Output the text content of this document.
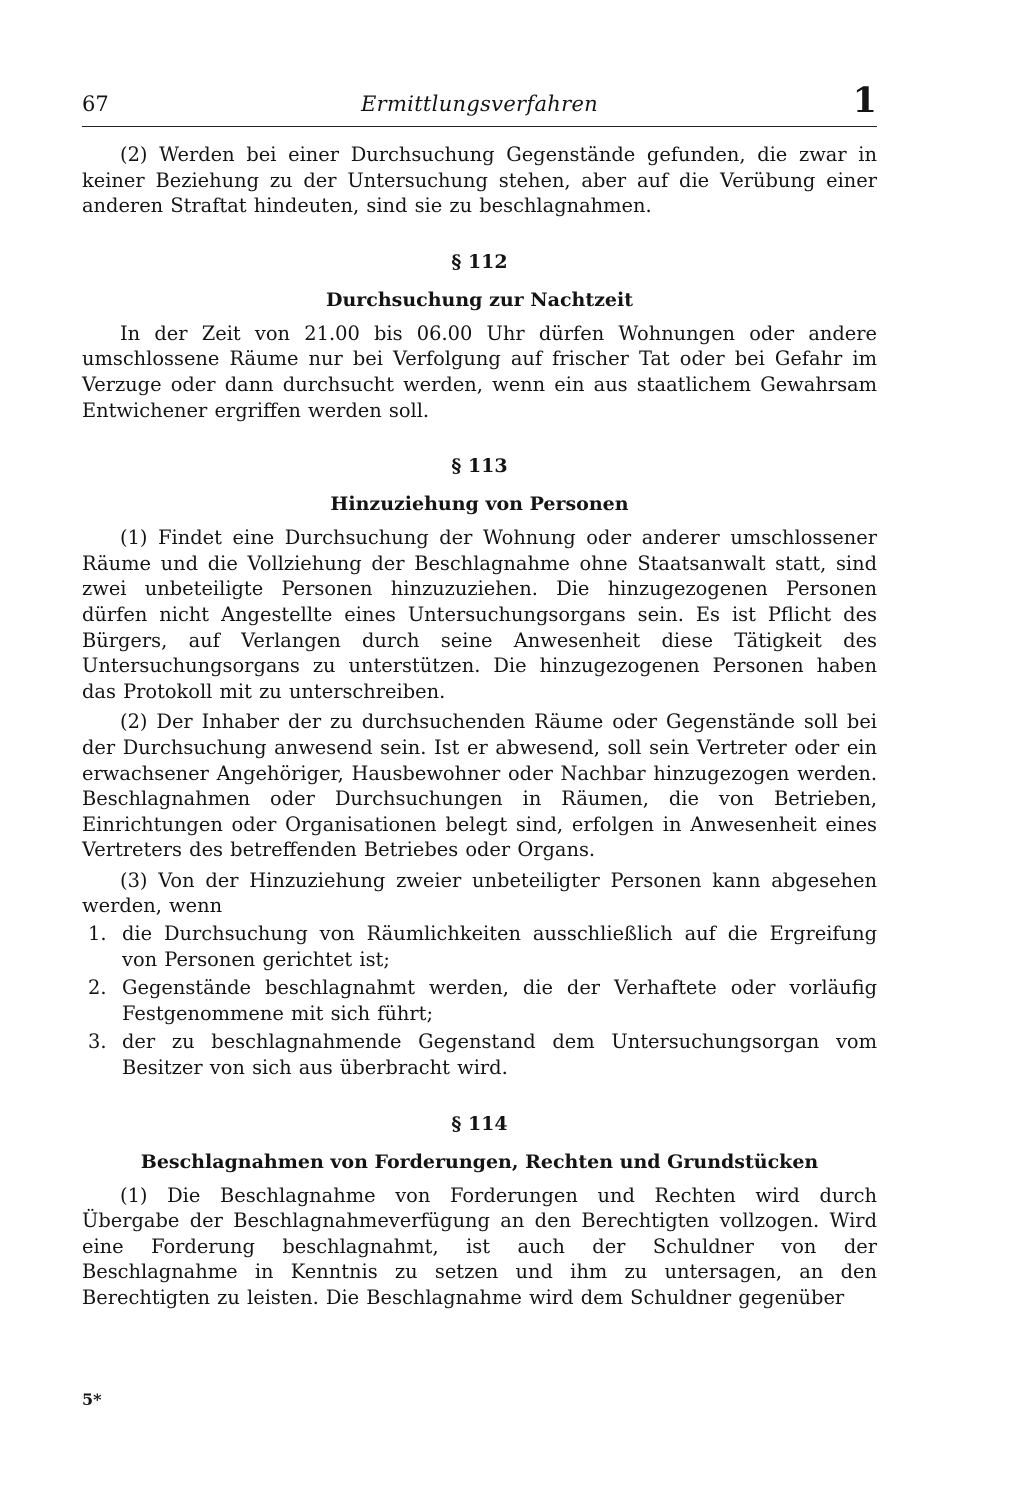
67	Ermittlungsverfahren	1

(2) Werden bei einer Durchsuchung Gegenstände gefunden, die zwar in keiner Beziehung zu der Untersuchung stehen, aber auf die Verübung einer anderen Straftat hindeuten, sind sie zu beschlagnahmen.

§ 112
Durchsuchung zur Nachtzeit

In der Zeit von 21.00 bis 06.00 Uhr dürfen Wohnungen oder andere umschlossene Räume nur bei Verfolgung auf frischer Tat oder bei Gefahr im Verzuge oder dann durchsucht werden, wenn ein aus staatlichem Gewahrsam Entwichener ergriffen werden soll.

§ 113
Hinzuziehung von Personen

(1) Findet eine Durchsuchung der Wohnung oder anderer umschlossener Räume und die Vollziehung der Beschlagnahme ohne Staatsanwalt statt, sind zwei unbeteiligte Personen hinzuzuziehen. Die hinzugezogenen Personen dürfen nicht Angestellte eines Untersuchungsorgans sein. Es ist Pflicht des Bürgers, auf Verlangen durch seine Anwesenheit diese Tätigkeit des Untersuchungsorgans zu unterstützen. Die hinzugezogenen Personen haben das Protokoll mit zu unterschreiben.

(2) Der Inhaber der zu durchsuchenden Räume oder Gegenstände soll bei der Durchsuchung anwesend sein. Ist er abwesend, soll sein Vertreter oder ein erwachsener Angehöriger, Hausbewohner oder Nachbar hinzugezogen werden. Beschlagnahmen oder Durchsuchungen in Räumen, die von Betrieben, Einrichtungen oder Organisationen belegt sind, erfolgen in Anwesenheit eines Vertreters des betreffenden Betriebes oder Organs.

(3) Von der Hinzuziehung zweier unbeteiligter Personen kann abgesehen werden, wenn

1. die Durchsuchung von Räumlichkeiten ausschließlich auf die Ergreifung von Personen gerichtet ist;
2. Gegenstände beschlagnahmt werden, die der Verhaftete oder vorläufig Festgenommene mit sich führt;
3. der zu beschlagnahmende Gegenstand dem Untersuchungsorgan vom Besitzer von sich aus überbracht wird.
§ 114
Beschlagnahmen von Forderungen, Rechten und Grundstücken

(1) Die Beschlagnahme von Forderungen und Rechten wird durch Übergabe der Beschlagnahmeverfügung an den Berechtigten vollzogen. Wird eine Forderung beschlagnahmt, ist auch der Schuldner von der Beschlagnahme in Kenntnis zu setzen und ihm zu untersagen, an den Berechtigten zu leisten. Die Beschlagnahme wird dem Schuldner gegenüber

5*
